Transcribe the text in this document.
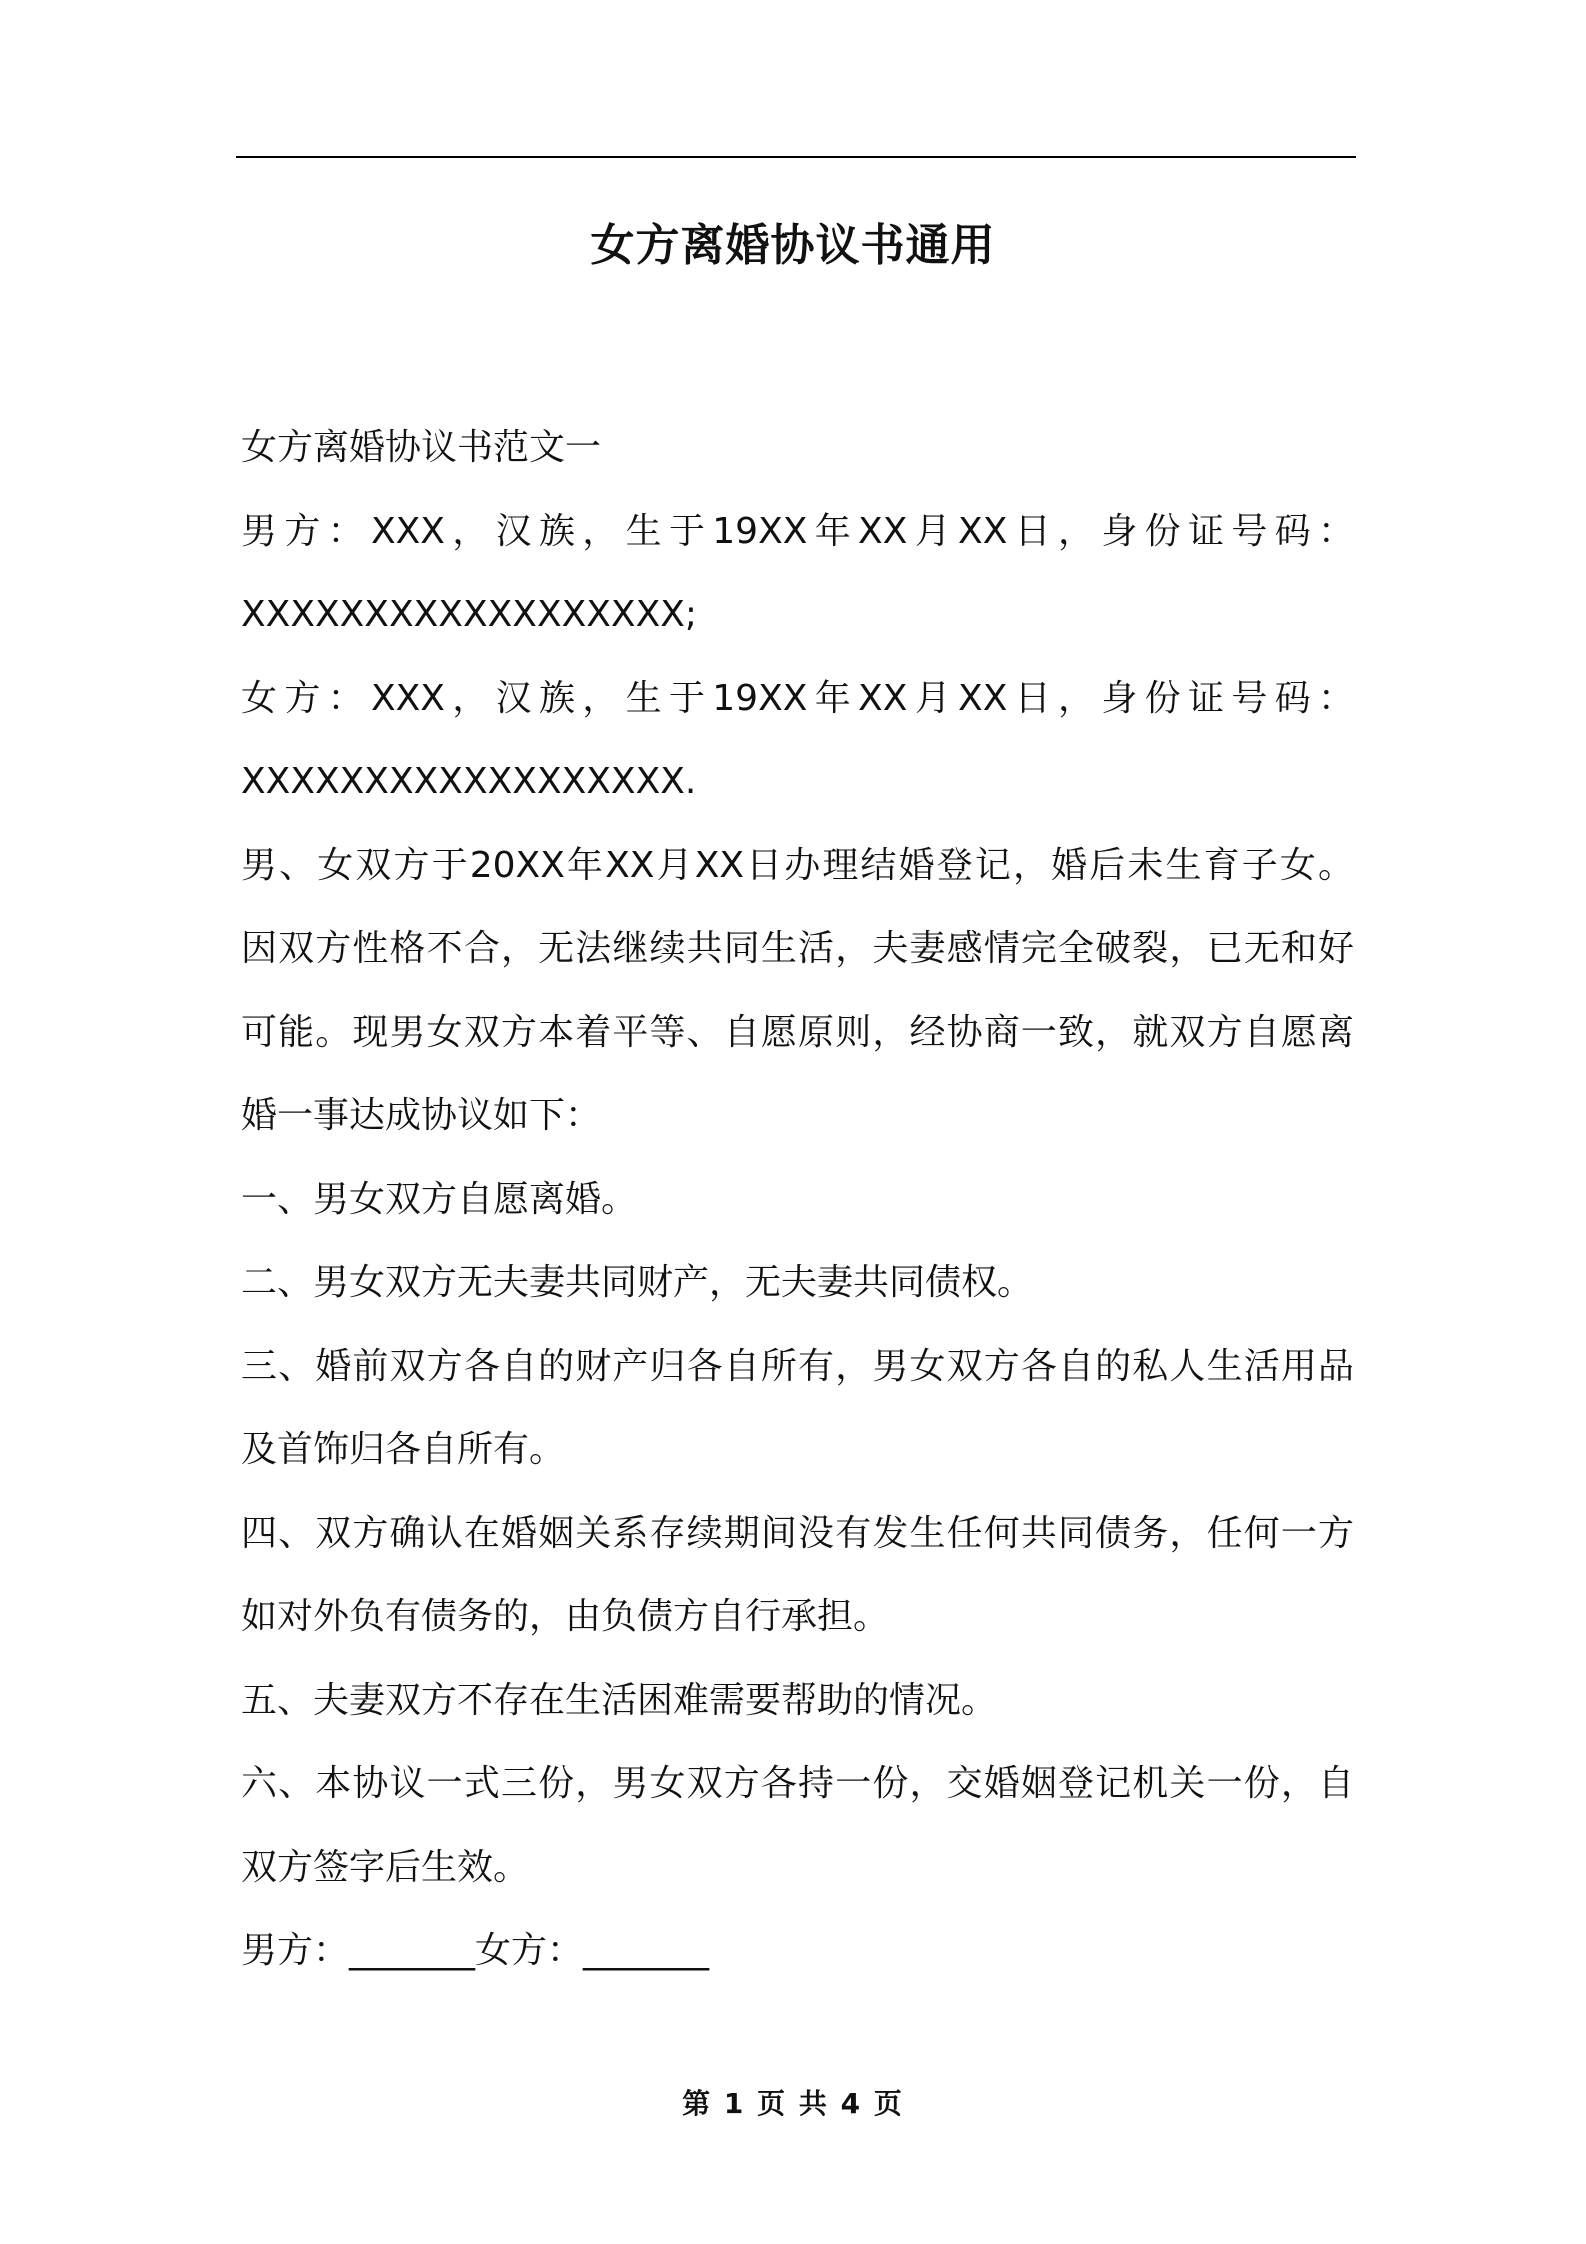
女方离婚协议书通用
女方离婚协议书范文一
男方：XXX，汉族，生于19XX年XX月XX日，身份证号码：
XXXXXXXXXXXXXXXXXX;
女方：XXX，汉族，生于19XX年XX月XX日，身份证号码：
XXXXXXXXXXXXXXXXXX.
男、女双方于20XX年XX月XX日办理结婚登记，婚后未生育子女。
因双方性格不合，无法继续共同生活，夫妻感情完全破裂，已无和好
可能。现男女双方本着平等、自愿原则，经协商一致，就双方自愿离
婚一事达成协议如下：
一、男女双方自愿离婚。
二、男女双方无夫妻共同财产，无夫妻共同债权。
三、婚前双方各自的财产归各自所有，男女双方各自的私人生活用品
及首饰归各自所有。
四、双方确认在婚姻关系存续期间没有发生任何共同债务，任何一方
如对外负有债务的，由负债方自行承担。
五、夫妻双方不存在生活困难需要帮助的情况。
六、本协议一式三份，男女双方各持一份，交婚姻登记机关一份，自
双方签字后生效。
男方：_______女方：_______
第 1 页 共 4 页
